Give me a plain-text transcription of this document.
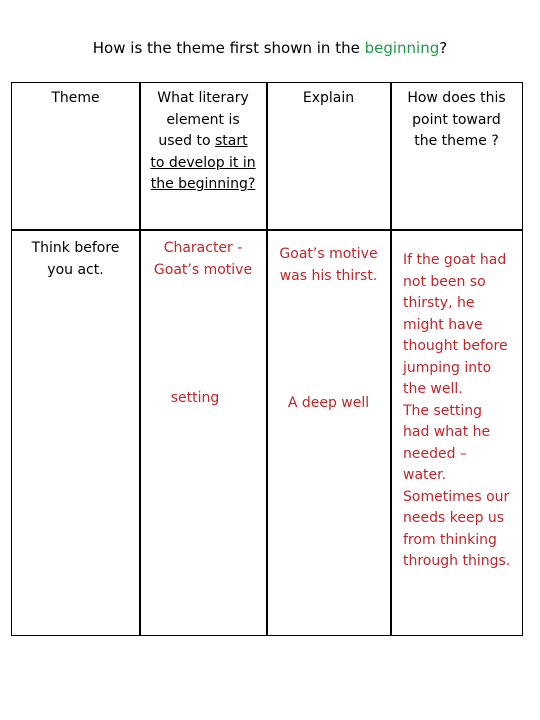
How is the theme first shown in the beginning?
Theme	What literary
element is
used to start
to develop it in
the beginning?
Explain	How does this
point toward
the theme ?
Think before
you act.
Character -
Goat’s motive
setting
Goat’s motive
was his thirst.
A deep well
If the goat had
not been so
thirsty, he
might have
thought before
jumping into
the well.
The setting
had what he
needed –
water.
Sometimes our
needs keep us
from thinking
through things.
